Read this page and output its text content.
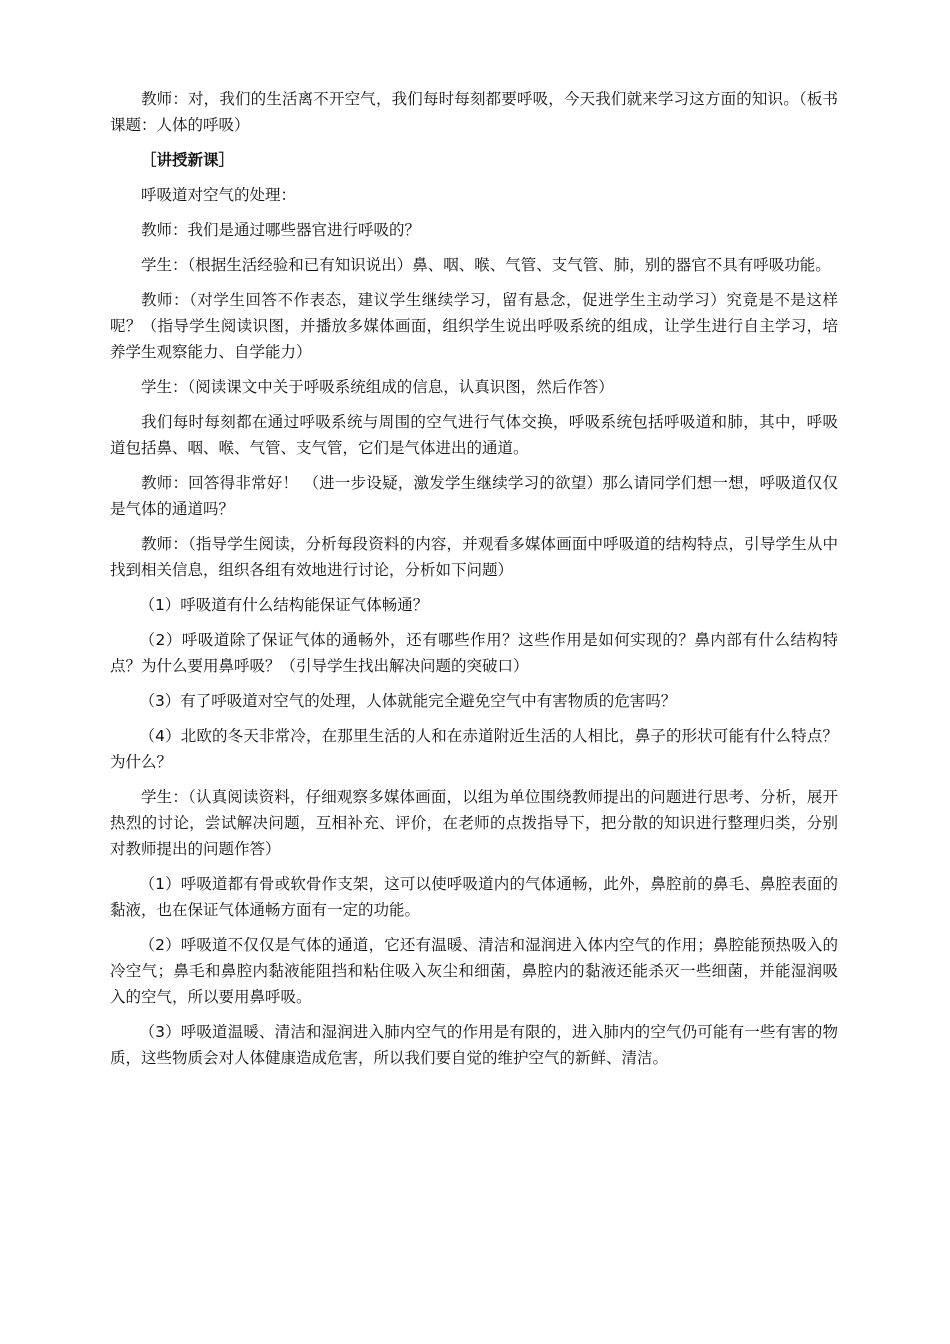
教师：对，我们的生活离不开空气，我们每时每刻都要呼吸，今天我们就来学习这方面的知识。（板书课题：人体的呼吸）

［讲授新课］

呼吸道对空气的处理：

教师：我们是通过哪些器官进行呼吸的？

学生：（根据生活经验和已有知识说出）鼻、咽、喉、气管、支气管、肺，别的器官不具有呼吸功能。

教师：（对学生回答不作表态，建议学生继续学习，留有悬念，促进学生主动学习）究竟是不是这样呢？（指导学生阅读识图，并播放多媒体画面，组织学生说出呼吸系统的组成，让学生进行自主学习，培养学生观察能力、自学能力）

学生：（阅读课文中关于呼吸系统组成的信息，认真识图，然后作答）

我们每时每刻都在通过呼吸系统与周围的空气进行气体交换，呼吸系统包括呼吸道和肺，其中，呼吸道包括鼻、咽、喉、气管、支气管，它们是气体进出的通道。

教师：回答得非常好！ （进一步设疑，激发学生继续学习的欲望）那么请同学们想一想，呼吸道仅仅是气体的通道吗？

教师：（指导学生阅读，分析每段资料的内容，并观看多媒体画面中呼吸道的结构特点，引导学生从中找到相关信息，组织各组有效地进行讨论，分析如下问题）

（1）呼吸道有什么结构能保证气体畅通？

（2）呼吸道除了保证气体的通畅外，还有哪些作用？这些作用是如何实现的？鼻内部有什么结构特点？为什么要用鼻呼吸？（引导学生找出解决问题的突破口）

（3）有了呼吸道对空气的处理，人体就能完全避免空气中有害物质的危害吗？

（4）北欧的冬天非常冷，在那里生活的人和在赤道附近生活的人相比，鼻子的形状可能有什么特点？为什么？

学生：（认真阅读资料，仔细观察多媒体画面，以组为单位围绕教师提出的问题进行思考、分析，展开热烈的讨论，尝试解决问题，互相补充、评价，在老师的点拨指导下，把分散的知识进行整理归类，分别对教师提出的问题作答）

（1）呼吸道都有骨或软骨作支架，这可以使呼吸道内的气体通畅，此外，鼻腔前的鼻毛、鼻腔表面的黏液，也在保证气体通畅方面有一定的功能。

（2）呼吸道不仅仅是气体的通道，它还有温暖、清洁和湿润进入体内空气的作用；鼻腔能预热吸入的冷空气；鼻毛和鼻腔内黏液能阻挡和粘住吸入灰尘和细菌，鼻腔内的黏液还能杀灭一些细菌，并能湿润吸入的空气，所以要用鼻呼吸。

（3）呼吸道温暖、清洁和湿润进入肺内空气的作用是有限的，进入肺内的空气仍可能有一些有害的物质，这些物质会对人体健康造成危害，所以我们要自觉的维护空气的新鲜、清洁。
